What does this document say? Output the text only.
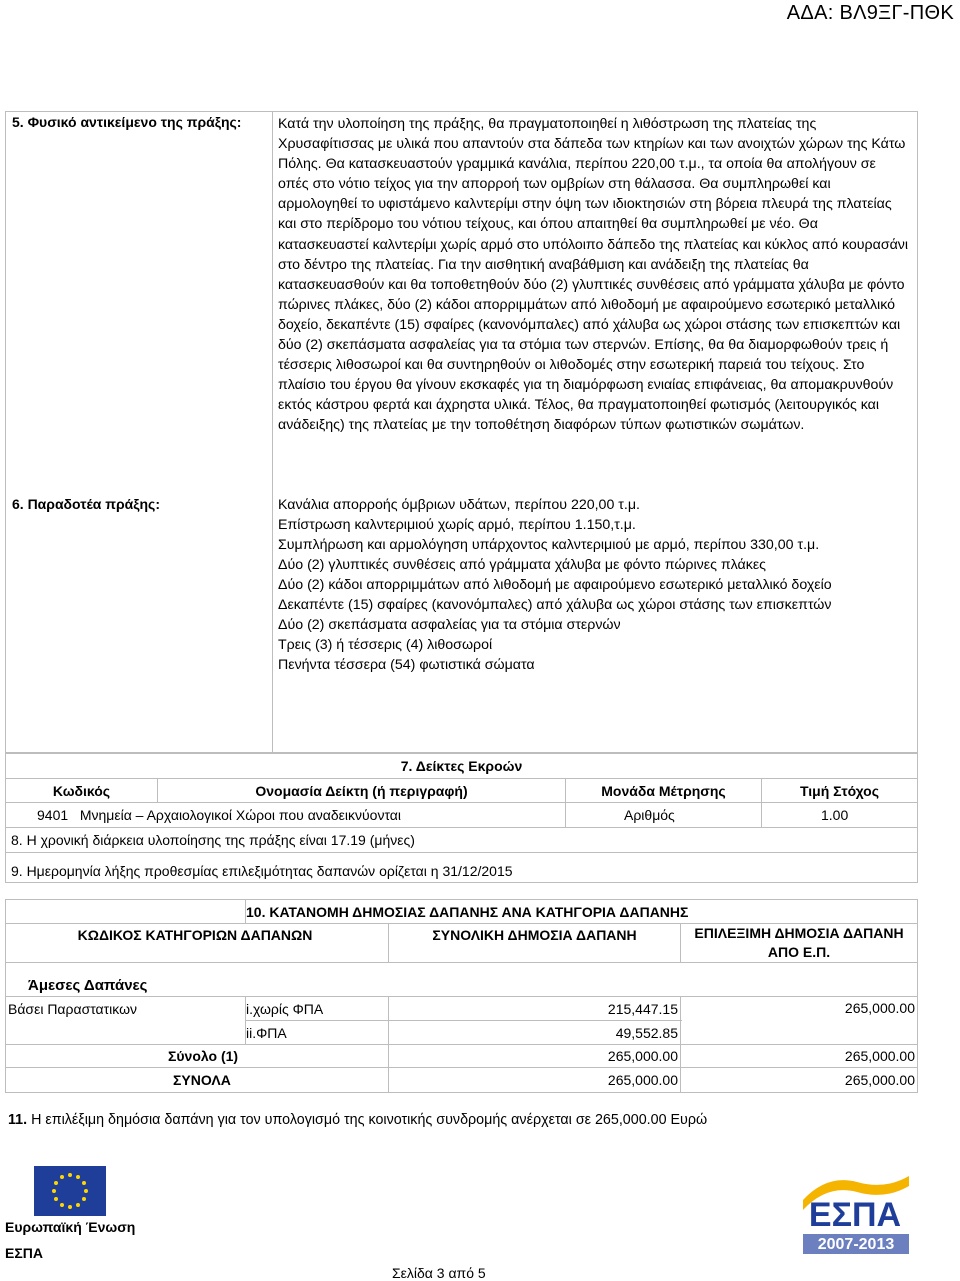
ΑΔΑ: ΒΛ9ΞΓ-ΠΘΚ
5. Φυσικό αντικείμενο της πράξης:	Κατά την υλοποίηση της πράξης, θα πραγματοποιηθεί η λιθόστρωση της πλατείας της Χρυσαφίτισσας με υλικά που απαντούν στα δάπεδα των κτηρίων και των ανοιχτών χώρων της Κάτω Πόλης. Θα κατασκευαστούν γραμμικά κανάλια, περίπου 220,00 τ.μ., τα οποία θα απολήγουν σε οπές στο νότιο τείχος για την απορροή των ομβρίων στη θάλασσα. Θα συμπληρωθεί και αρμολογηθεί το υφιστάμενο καλντερίμι στην όψη των ιδιοκτησιών στη βόρεια πλευρά της πλατείας και στο περίδρομο του νότιου τείχους, και όπου απαιτηθεί θα συμπληρωθεί με νέο. Θα κατασκευαστεί καλντερίμι χωρίς αρμό στο υπόλοιπο δάπεδο της πλατείας και κύκλος από κουρασάνι στο δέντρο της πλατείας. Για την αισθητική αναβάθμιση και ανάδειξη της πλατείας θα κατασκευασθούν και θα τοποθετηθούν δύο (2) γλυπτικές συνθέσεις από γράμματα χάλυβα με φόντο πώρινες πλάκες, δύο (2) κάδοι απορριμμάτων από λιθοδομή με αφαιρούμενο εσωτερικό μεταλλικό δοχείο, δεκαπέντε (15) σφαίρες (κανονόμπαλες) από χάλυβα ως χώροι στάσης των επισκεπτών και δύο (2) σκεπάσματα ασφαλείας για τα στόμια των στερνών. Επίσης, θα θα διαμορφωθούν τρεις ή τέσσερις λιθοσωροί και θα συντηρηθούν οι λιθοδομές στην εσωτερική παρειά του τείχους. Στο πλαίσιο του έργου θα γίνουν εκσκαφές για τη διαμόρφωση ενιαίας επιφάνειας, θα απομακρυνθούν εκτός κάστρου φερτά και άχρηστα υλικά. Τέλος, θα πραγματοποιηθεί φωτισμός (λειτουργικός και ανάδειξης) της πλατείας με την τοποθέτηση διαφόρων τύπων φωτιστικών σωμάτων.
6. Παραδοτέα πράξης:	Κανάλια απορροής όμβριων υδάτων, περίπου 220,00 τ.μ.
Επίστρωση καλντεριμιού χωρίς αρμό, περίπου 1.150,τ.μ.
Συμπλήρωση και αρμολόγηση υπάρχοντος καλντεριμιού με αρμό, περίπου 330,00 τ.μ.
Δύο (2) γλυπτικές συνθέσεις από γράμματα χάλυβα με φόντο πώρινες πλάκες
Δύο (2) κάδοι απορριμμάτων από λιθοδομή με αφαιρούμενο εσωτερικό μεταλλικό δοχείο
Δεκαπέντε (15) σφαίρες (κανονόμπαλες) από χάλυβα ως χώροι στάσης των επισκεπτών
Δύο (2) σκεπάσματα ασφαλείας για τα στόμια στερνών
Τρεις (3) ή τέσσερις (4) λιθοσωροί
Πενήντα τέσσερα (54) φωτιστικά σώματα
7. Δείκτες Εκροών			
Κωδικός	Ονομασία Δείκτη (ή περιγραφή)	Μονάδα Μέτρησης	Τιμή Στόχος
9401 Μνημεία – Αρχαιολογικοί Χώροι που αναδεικνύονται		Αριθμός	1.00
8. Η χρονική διάρκεια υλοποίησης της πράξης είναι 17.19 (μήνες)			
9. Ημερομηνία λήξης προθεσμίας επιλεξιμότητας δαπανών ορίζεται η 31/12/2015			
	10. ΚΑΤΑΝΟΜΗ ΔΗΜΟΣΙΑΣ ΔΑΠΑΝΗΣ ΑΝΑ ΚΑΤΗΓΟΡΙΑ ΔΑΠΑΝΗΣ		
ΚΩΔΙΚΟΣ ΚΑΤΗΓΟΡΙΩΝ ΔΑΠΑΝΩΝ		ΣΥΝΟΛΙΚΗ ΔΗΜΟΣΙΑ ΔΑΠΑΝΗ	ΕΠΙΛΕΞΙΜΗ ΔΗΜΟΣΙΑ ΔΑΠΑΝΗ ΑΠΟ Ε.Π.
Άμεσες Δαπάνες			
Βάσει Παραστατικων	i.χωρίς ΦΠΑ	215,447.15	265,000.00
	ii.ΦΠΑ	49,552.85	
Σύνολο (1)		265,000.00	265,000.00
ΣΥΝΟΛΑ		265,000.00	265,000.00
11. Η επιλέξιμη δημόσια δαπάνη για τον υπολογισμό της κοινοτικής συνδρομής ανέρχεται σε 265,000.00 Ευρώ
Ευρωπαϊκή Ένωση
ΕΣΠΑ
ΕΣΠΑ
2007-2013
Σελίδα 3 από 5
